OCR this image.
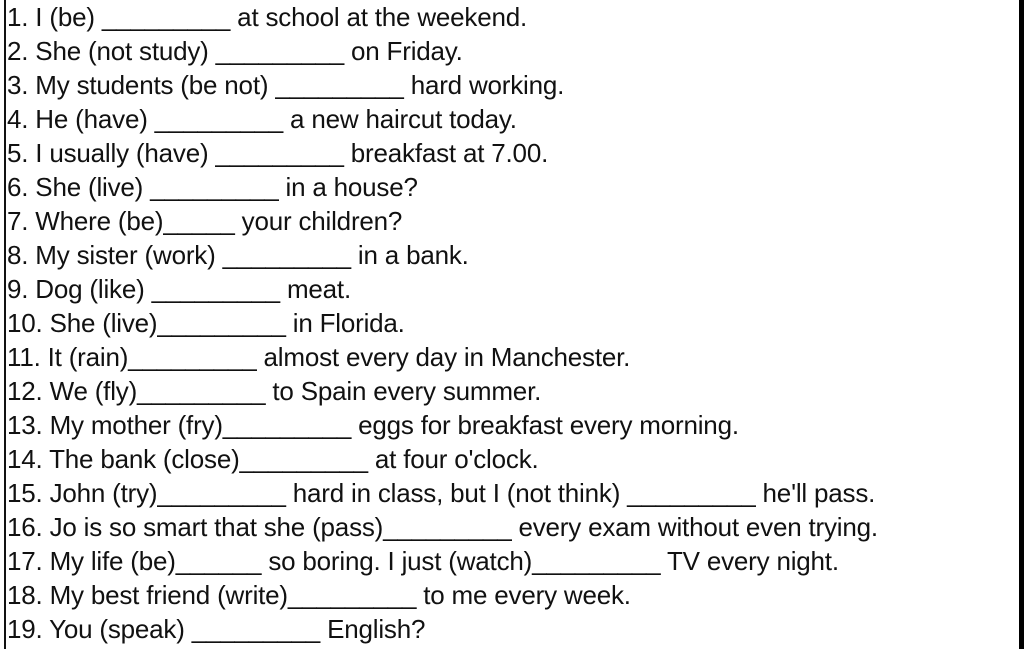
1. I (be) _________ at school at the weekend.
2. She (not study) _________ on Friday.
3. My students (be not) _________ hard working.
4. He (have) _________ a new haircut today.
5. I usually (have) _________ breakfast at 7.00.
6. She (live) _________ in a house?
7. Where (be)_____ your children?
8. My sister (work) _________ in a bank.
9. Dog (like) _________ meat.
10. She (live)_________ in Florida.
11. It (rain)_________ almost every day in Manchester.
12. We (fly)_________ to Spain every summer.
13. My mother (fry)_________ eggs for breakfast every morning.
14. The bank (close)_________ at four o'clock.
15. John (try)_________ hard in class, but I (not think) _________ he'll pass.
16. Jo is so smart that she (pass)_________ every exam without even trying.
17. My life (be)______ so boring. I just (watch)_________ TV every night.
18. My best friend (write)_________ to me every week.
19. You (speak) _________ English?
